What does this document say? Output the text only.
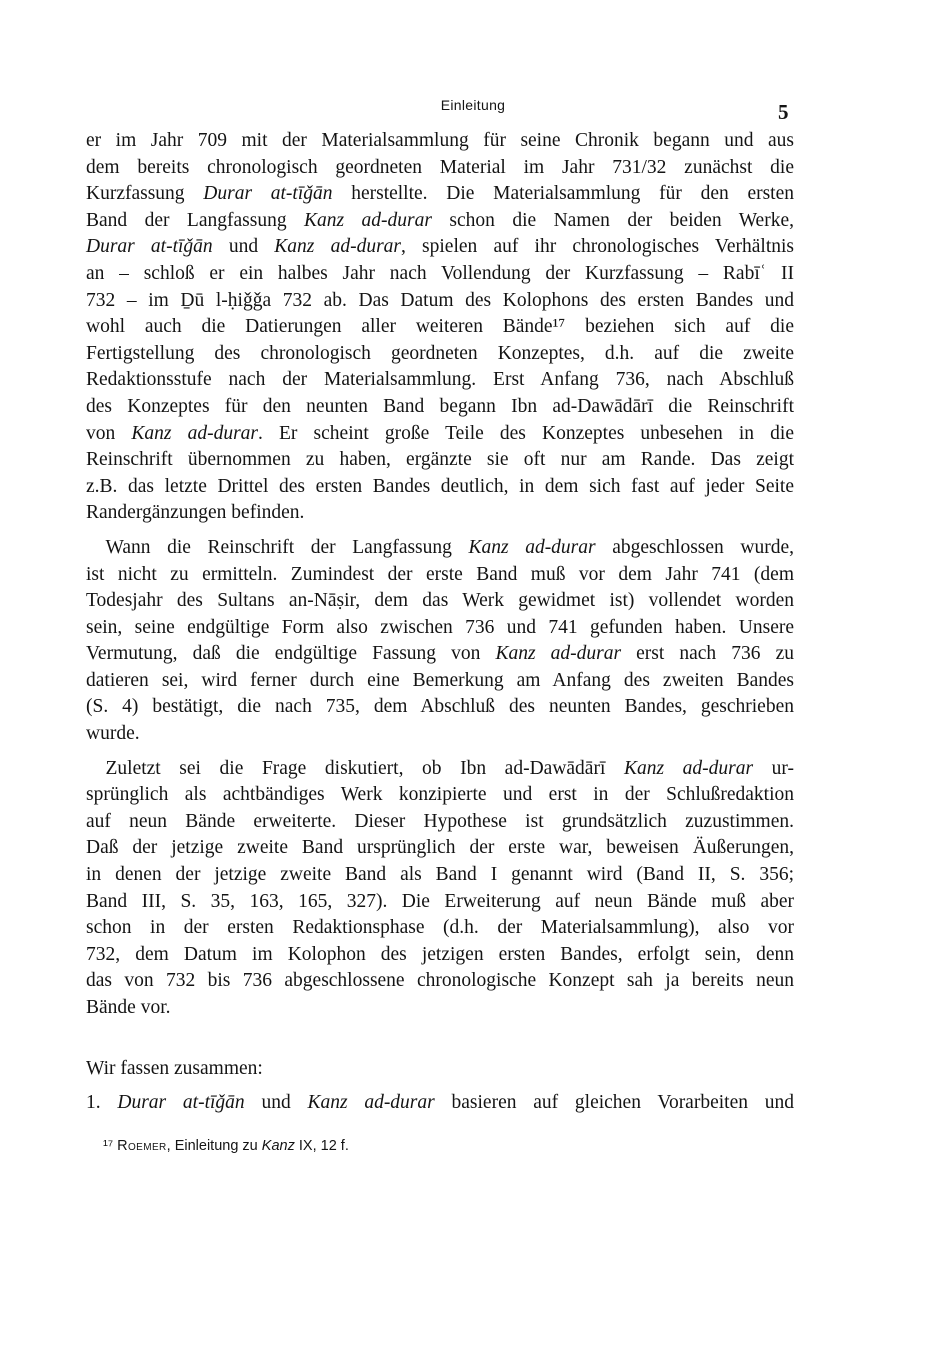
Einleitung	5
er im Jahr 709 mit der Materialsammlung für seine Chronik begann und aus
dem bereits chronologisch geordneten Material im Jahr 731/32 zunächst die
Kurzfassung Durar at-tīǧān herstellte. Die Materialsammlung für den ersten
Band der Langfassung Kanz ad-durar schon die Namen der beiden Werke,
Durar at-tīǧān und Kanz ad-durar, spielen auf ihr chronologisches Verhältnis
an – schloß er ein halbes Jahr nach Vollendung der Kurzfassung – Rabīʿ II
732 – im Ḏū l-ḥiǧǧa 732 ab. Das Datum des Kolophons des ersten Bandes und
wohl auch die Datierungen aller weiteren Bände¹⁷ beziehen sich auf die
Fertigstellung des chronologisch geordneten Konzeptes, d.h. auf die zweite
Redaktionsstufe nach der Materialsammlung. Erst Anfang 736, nach Abschluß
des Konzeptes für den neunten Band begann Ibn ad-Dawādārī die Reinschrift
von Kanz ad-durar. Er scheint große Teile des Konzeptes unbesehen in die
Reinschrift übernommen zu haben, ergänzte sie oft nur am Rande. Das zeigt
z.B. das letzte Drittel des ersten Bandes deutlich, in dem sich fast auf jeder Seite
Randergänzungen befinden.
 Wann die Reinschrift der Langfassung Kanz ad-durar abgeschlossen wurde,
ist nicht zu ermitteln. Zumindest der erste Band muß vor dem Jahr 741 (dem
Todesjahr des Sultans an-Nāṣir, dem das Werk gewidmet ist) vollendet worden
sein, seine endgültige Form also zwischen 736 und 741 gefunden haben. Unsere
Vermutung, daß die endgültige Fassung von Kanz ad-durar erst nach 736 zu
datieren sei, wird ferner durch eine Bemerkung am Anfang des zweiten Bandes
(S. 4) bestätigt, die nach 735, dem Abschluß des neunten Bandes, geschrieben
wurde.
 Zuletzt sei die Frage diskutiert, ob Ibn ad-Dawādārī Kanz ad-durar ur-
sprünglich als achtbändiges Werk konzipierte und erst in der Schlußredaktion
auf neun Bände erweiterte. Dieser Hypothese ist grundsätzlich zuzustimmen.
Daß der jetzige zweite Band ursprünglich der erste war, beweisen Äußerungen,
in denen der jetzige zweite Band als Band I genannt wird (Band II, S. 356;
Band III, S. 35, 163, 165, 327). Die Erweiterung auf neun Bände muß aber
schon in der ersten Redaktionsphase (d.h. der Materialsammlung), also vor
732, dem Datum im Kolophon des jetzigen ersten Bandes, erfolgt sein, denn
das von 732 bis 736 abgeschlossene chronologische Konzept sah ja bereits neun
Bände vor.
Wir fassen zusammen:
1. Durar at-tīǧān und Kanz ad-durar basieren auf gleichen Vorarbeiten und
¹⁷ Roemer, Einleitung zu Kanz IX, 12 f.
